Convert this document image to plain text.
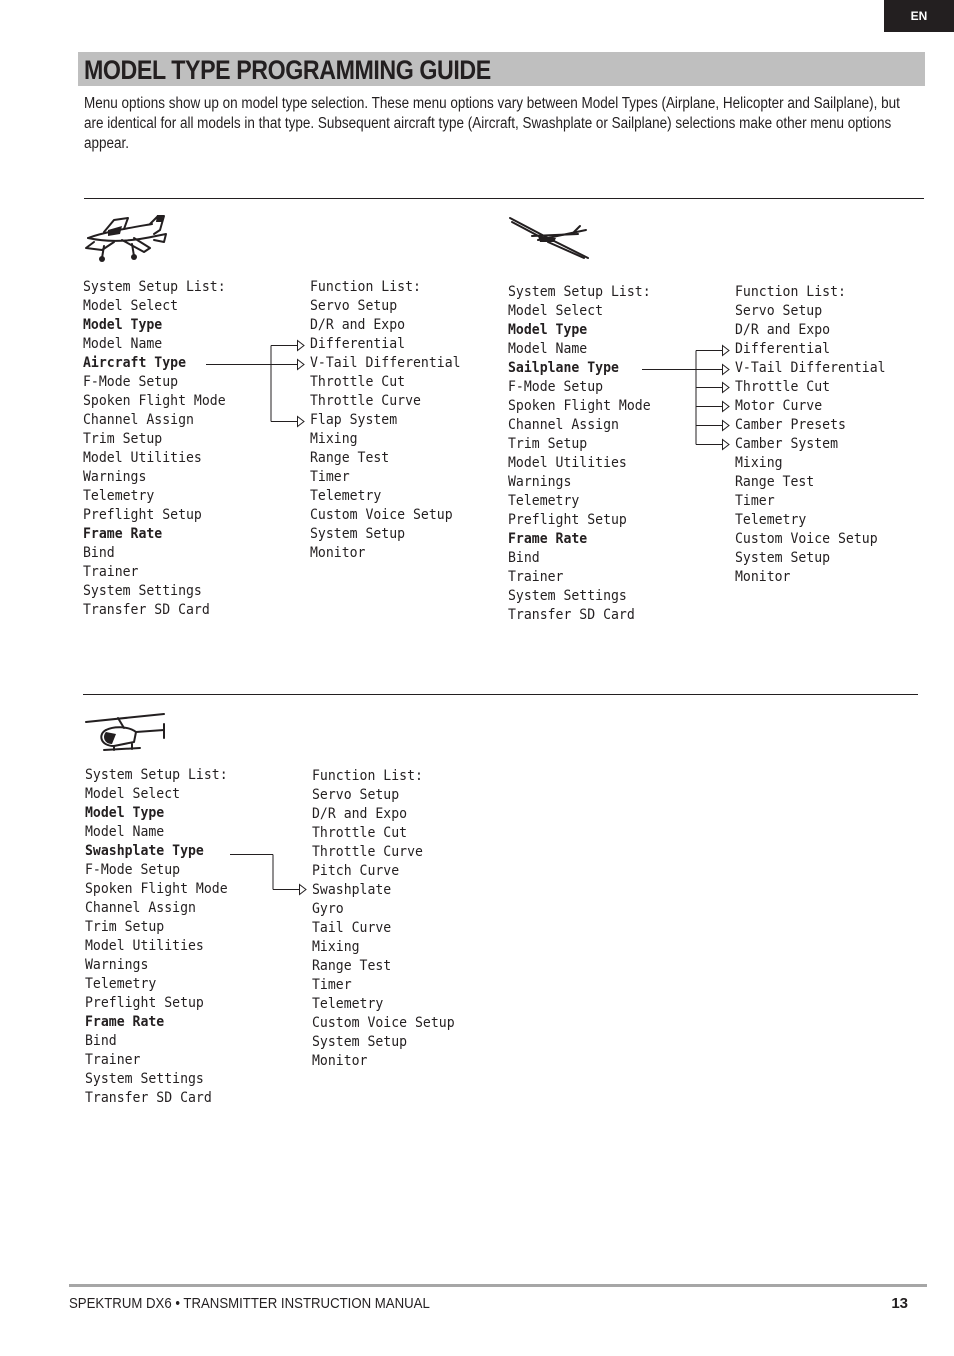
EN
MODEL TYPE PROGRAMMING GUIDE

Menu options show up on model type selection. These menu options vary between Model Types (Airplane, Helicopter and Sailplane), but are identical for all models in that type. Subsequent aircraft type (Aircraft, Swashplate or Sailplane) selections make other menu options appear.

System Setup List:
Model Select
Model Type
Model Name
Aircraft Type
F-Mode Setup
Spoken Flight Mode
Channel Assign
Trim Setup
Model Utilities
Warnings
Telemetry
Preflight Setup
Frame Rate
Bind
Trainer
System Settings
Transfer SD Card
Function List:
Servo Setup
D/R and Expo
Differential
V-Tail Differential
Throttle Cut
Throttle Curve
Flap System
Mixing
Range Test
Timer
Telemetry
Custom Voice Setup
System Setup
Monitor
System Setup List:
Model Select
Model Type
Model Name
Sailplane Type
F-Mode Setup
Spoken Flight Mode
Channel Assign
Trim Setup
Model Utilities
Warnings
Telemetry
Preflight Setup
Frame Rate
Bind
Trainer
System Settings
Transfer SD Card
Function List:
Servo Setup
D/R and Expo
Differential
V-Tail Differential
Throttle Cut
Motor Curve
Camber Presets
Camber System
Mixing
Range Test
Timer
Telemetry
Custom Voice Setup
System Setup
Monitor
System Setup List:
Model Select
Model Type
Model Name
Swashplate Type
F-Mode Setup
Spoken Flight Mode
Channel Assign
Trim Setup
Model Utilities
Warnings
Telemetry
Preflight Setup
Frame Rate
Bind
Trainer
System Settings
Transfer SD Card
Function List:
Servo Setup
D/R and Expo
Throttle Cut
Throttle Curve
Pitch Curve
Swashplate
Gyro
Tail Curve
Mixing
Range Test
Timer
Telemetry
Custom Voice Setup
System Setup
Monitor
SPEKTRUM DX6 • TRANSMITTER INSTRUCTION MANUAL	13
